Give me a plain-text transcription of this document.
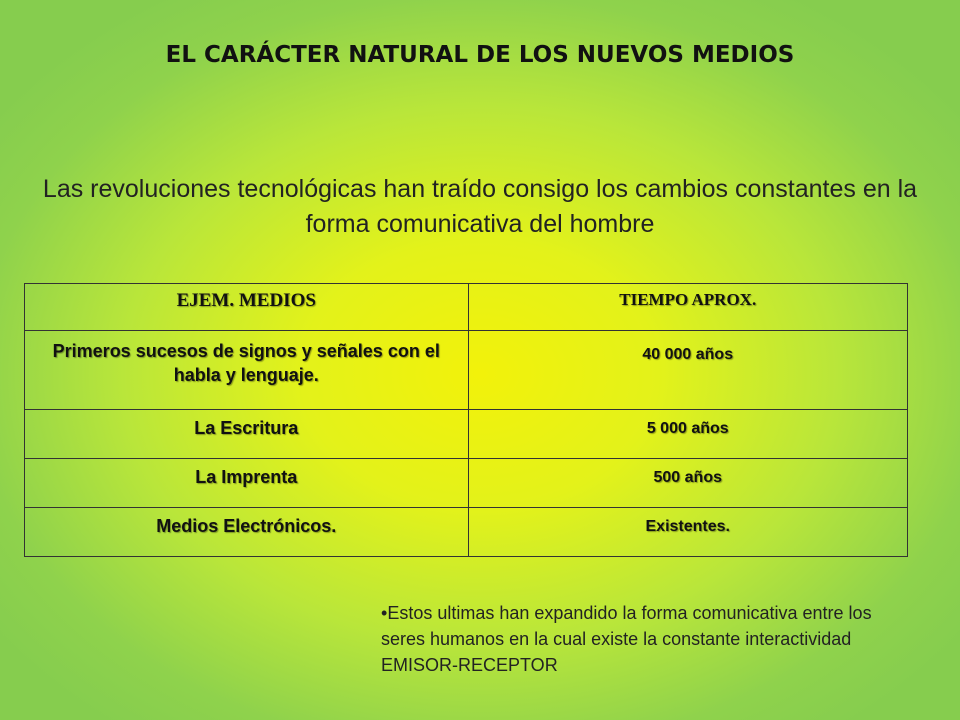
EL CARÁCTER NATURAL DE LOS NUEVOS MEDIOS
Las revoluciones tecnológicas han traído consigo los cambios constantes en la forma comunicativa del hombre
EJEM. MEDIOS	TIEMPO APROX.
Primeros sucesos de signos y señales con el habla y lenguaje.	40 000 años
La Escritura	5 000 años
La Imprenta	500 años
Medios Electrónicos.	Existentes.
•Estos ultimas han expandido la forma comunicativa entre los seres humanos en la cual existe la constante interactividad EMISOR-RECEPTOR
